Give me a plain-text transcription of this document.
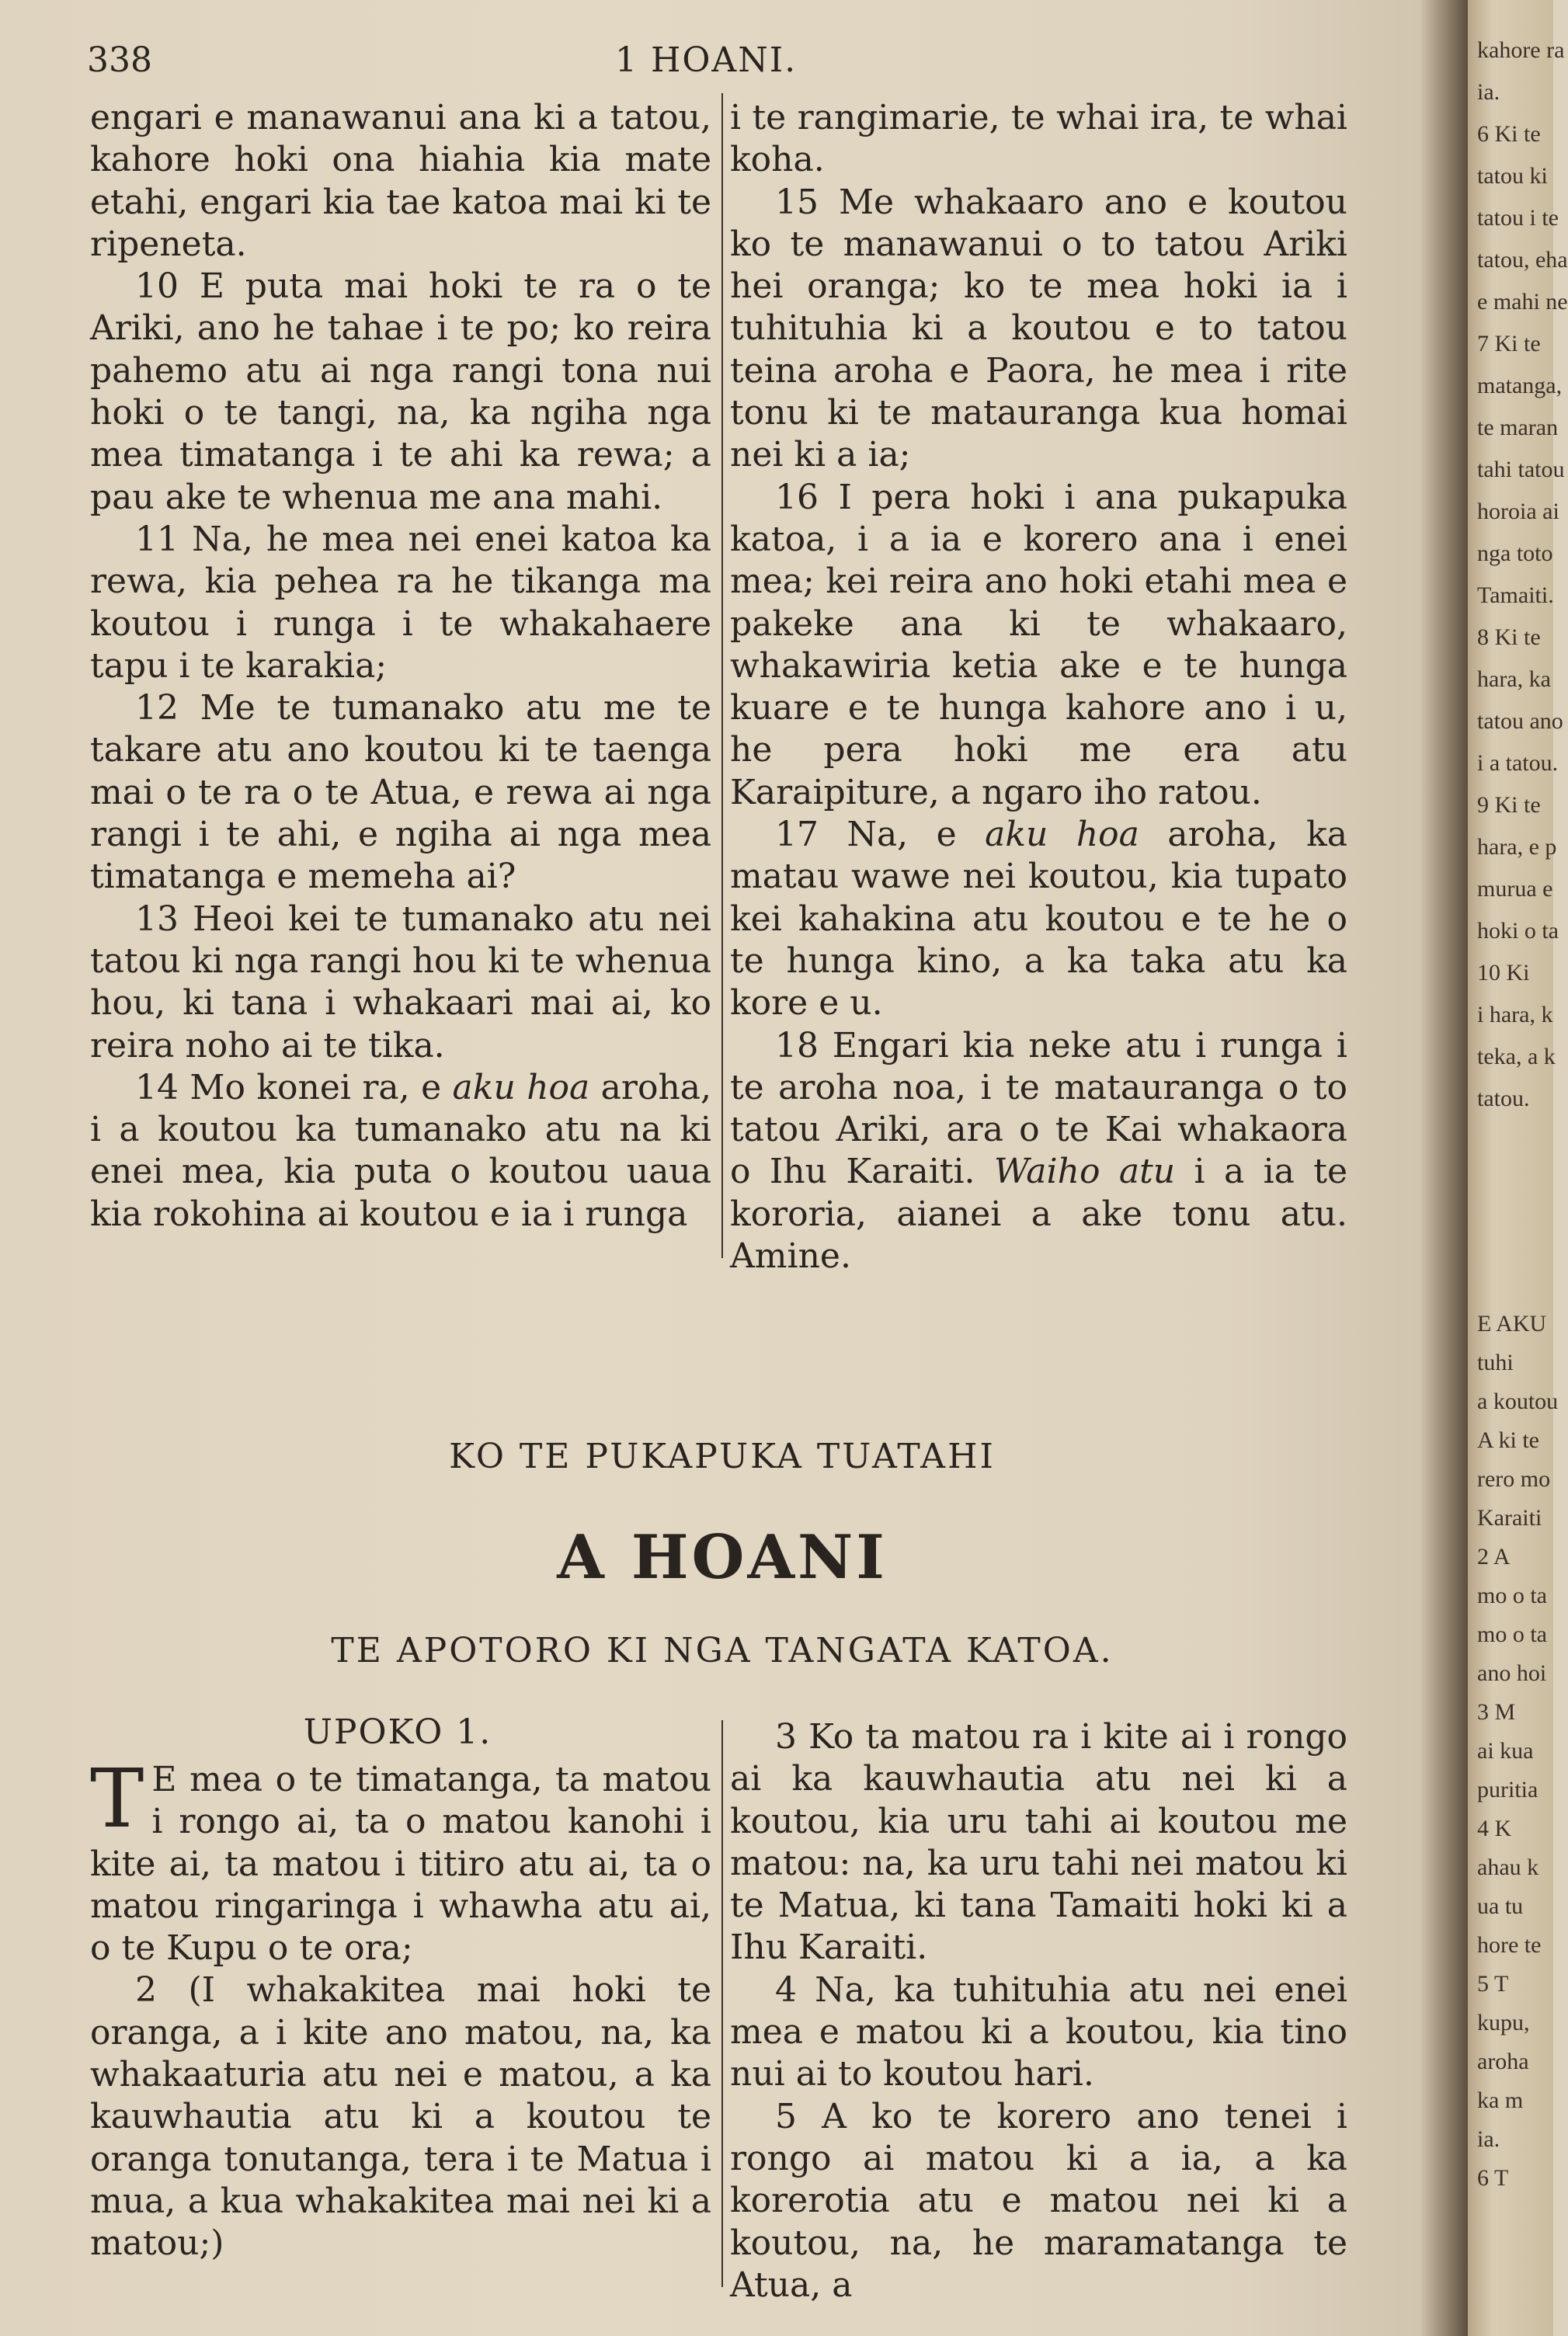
kahore ra
ia.
6 Ki te
tatou ki
tatou i te
tatou, eha
e mahi ne
7 Ki te
matanga,
te maran
tahi tatou
horoia ai
nga toto
Tamaiti.
8 Ki te
hara, ka
tatou ano
i a tatou.
9 Ki te
hara, e p
murua e
hoki o ta
10 Ki
i hara, k
teka, a k
tatou.
E AKU
tuhi
a koutou
A ki te
rero mo
Karaiti
2 A
mo o ta
mo o ta
ano hoi
3 M
ai kua
puritia
4 K
ahau k
ua tu
hore te
5 T
kupu,
aroha
ka m
ia.
6 T
338	1 HOANI.

engari e manawanui ana ki a tatou, kahore hoki ona hiahia kia mate etahi, engari kia tae katoa mai ki te ripeneta.

10 E puta mai hoki te ra o te Ariki, ano he tahae i te po; ko reira pahemo atu ai nga rangi tona nui hoki o te tangi, na, ka ngiha nga mea timatanga i te ahi ka rewa; a pau ake te whenua me ana mahi.

11 Na, he mea nei enei katoa ka rewa, kia pehea ra he tikanga ma koutou i runga i te whakahaere tapu i te karakia;

12 Me te tumanako atu me te takare atu ano koutou ki te taenga mai o te ra o te Atua, e rewa ai nga rangi i te ahi, e ngiha ai nga mea timatanga e memeha ai?

13 Heoi kei te tumanako atu nei tatou ki nga rangi hou ki te whenua hou, ki tana i whakaari mai ai, ko reira noho ai te tika.

14 Mo konei ra, e aku hoa aroha, i a koutou ka tumanako atu na ki enei mea, kia puta o koutou uaua kia rokohina ai koutou e ia i runga

i te rangimarie, te whai ira, te whai koha.

15 Me whakaaro ano e koutou ko te manawanui o to tatou Ariki hei oranga; ko te mea hoki ia i tuhituhia ki a koutou e to tatou teina aroha e Paora, he mea i rite tonu ki te matauranga kua homai nei ki a ia;

16 I pera hoki i ana pukapuka katoa, i a ia e korero ana i enei mea; kei reira ano hoki etahi mea e pakeke ana ki te whakaaro, whakawiria ketia ake e te hunga kuare e te hunga kahore ano i u, he pera hoki me era atu Karaipiture, a ngaro iho ratou.

17 Na, e aku hoa aroha, ka matau wawe nei koutou, kia tupato kei kahakina atu koutou e te he o te hunga kino, a ka taka atu ka kore e u.

18 Engari kia neke atu i runga i te aroha noa, i te matauranga o to tatou Ariki, ara o te Kai whakaora o Ihu Karaiti. Waiho atu i a ia te kororia, aianei a ake tonu atu. Amine.

KO TE PUKAPUKA TUATAHI
A HOANI
TE APOTORO KI NGA TANGATA KATOA.
UPOKO 1.

T E mea o te timatanga, ta matou i rongo ai, ta o matou kanohi i kite ai, ta matou i titiro atu ai, ta o matou ringaringa i whawha atu ai, o te Kupu o te ora;

2 (I whakakitea mai hoki te oranga, a i kite ano matou, na, ka whakaaturia atu nei e matou, a ka kauwhautia atu ki a koutou te oranga tonutanga, tera i te Matua i mua, a kua whakakitea mai nei ki a matou;)

3 Ko ta matou ra i kite ai i rongo ai ka kauwhautia atu nei ki a koutou, kia uru tahi ai koutou me matou: na, ka uru tahi nei matou ki te Matua, ki tana Tamaiti hoki ki a Ihu Karaiti.

4 Na, ka tuhituhia atu nei enei mea e matou ki a koutou, kia tino nui ai to koutou hari.

5 A ko te korero ano tenei i rongo ai matou ki a ia, a ka korerotia atu e matou nei ki a koutou, na, he maramatanga te Atua, a
